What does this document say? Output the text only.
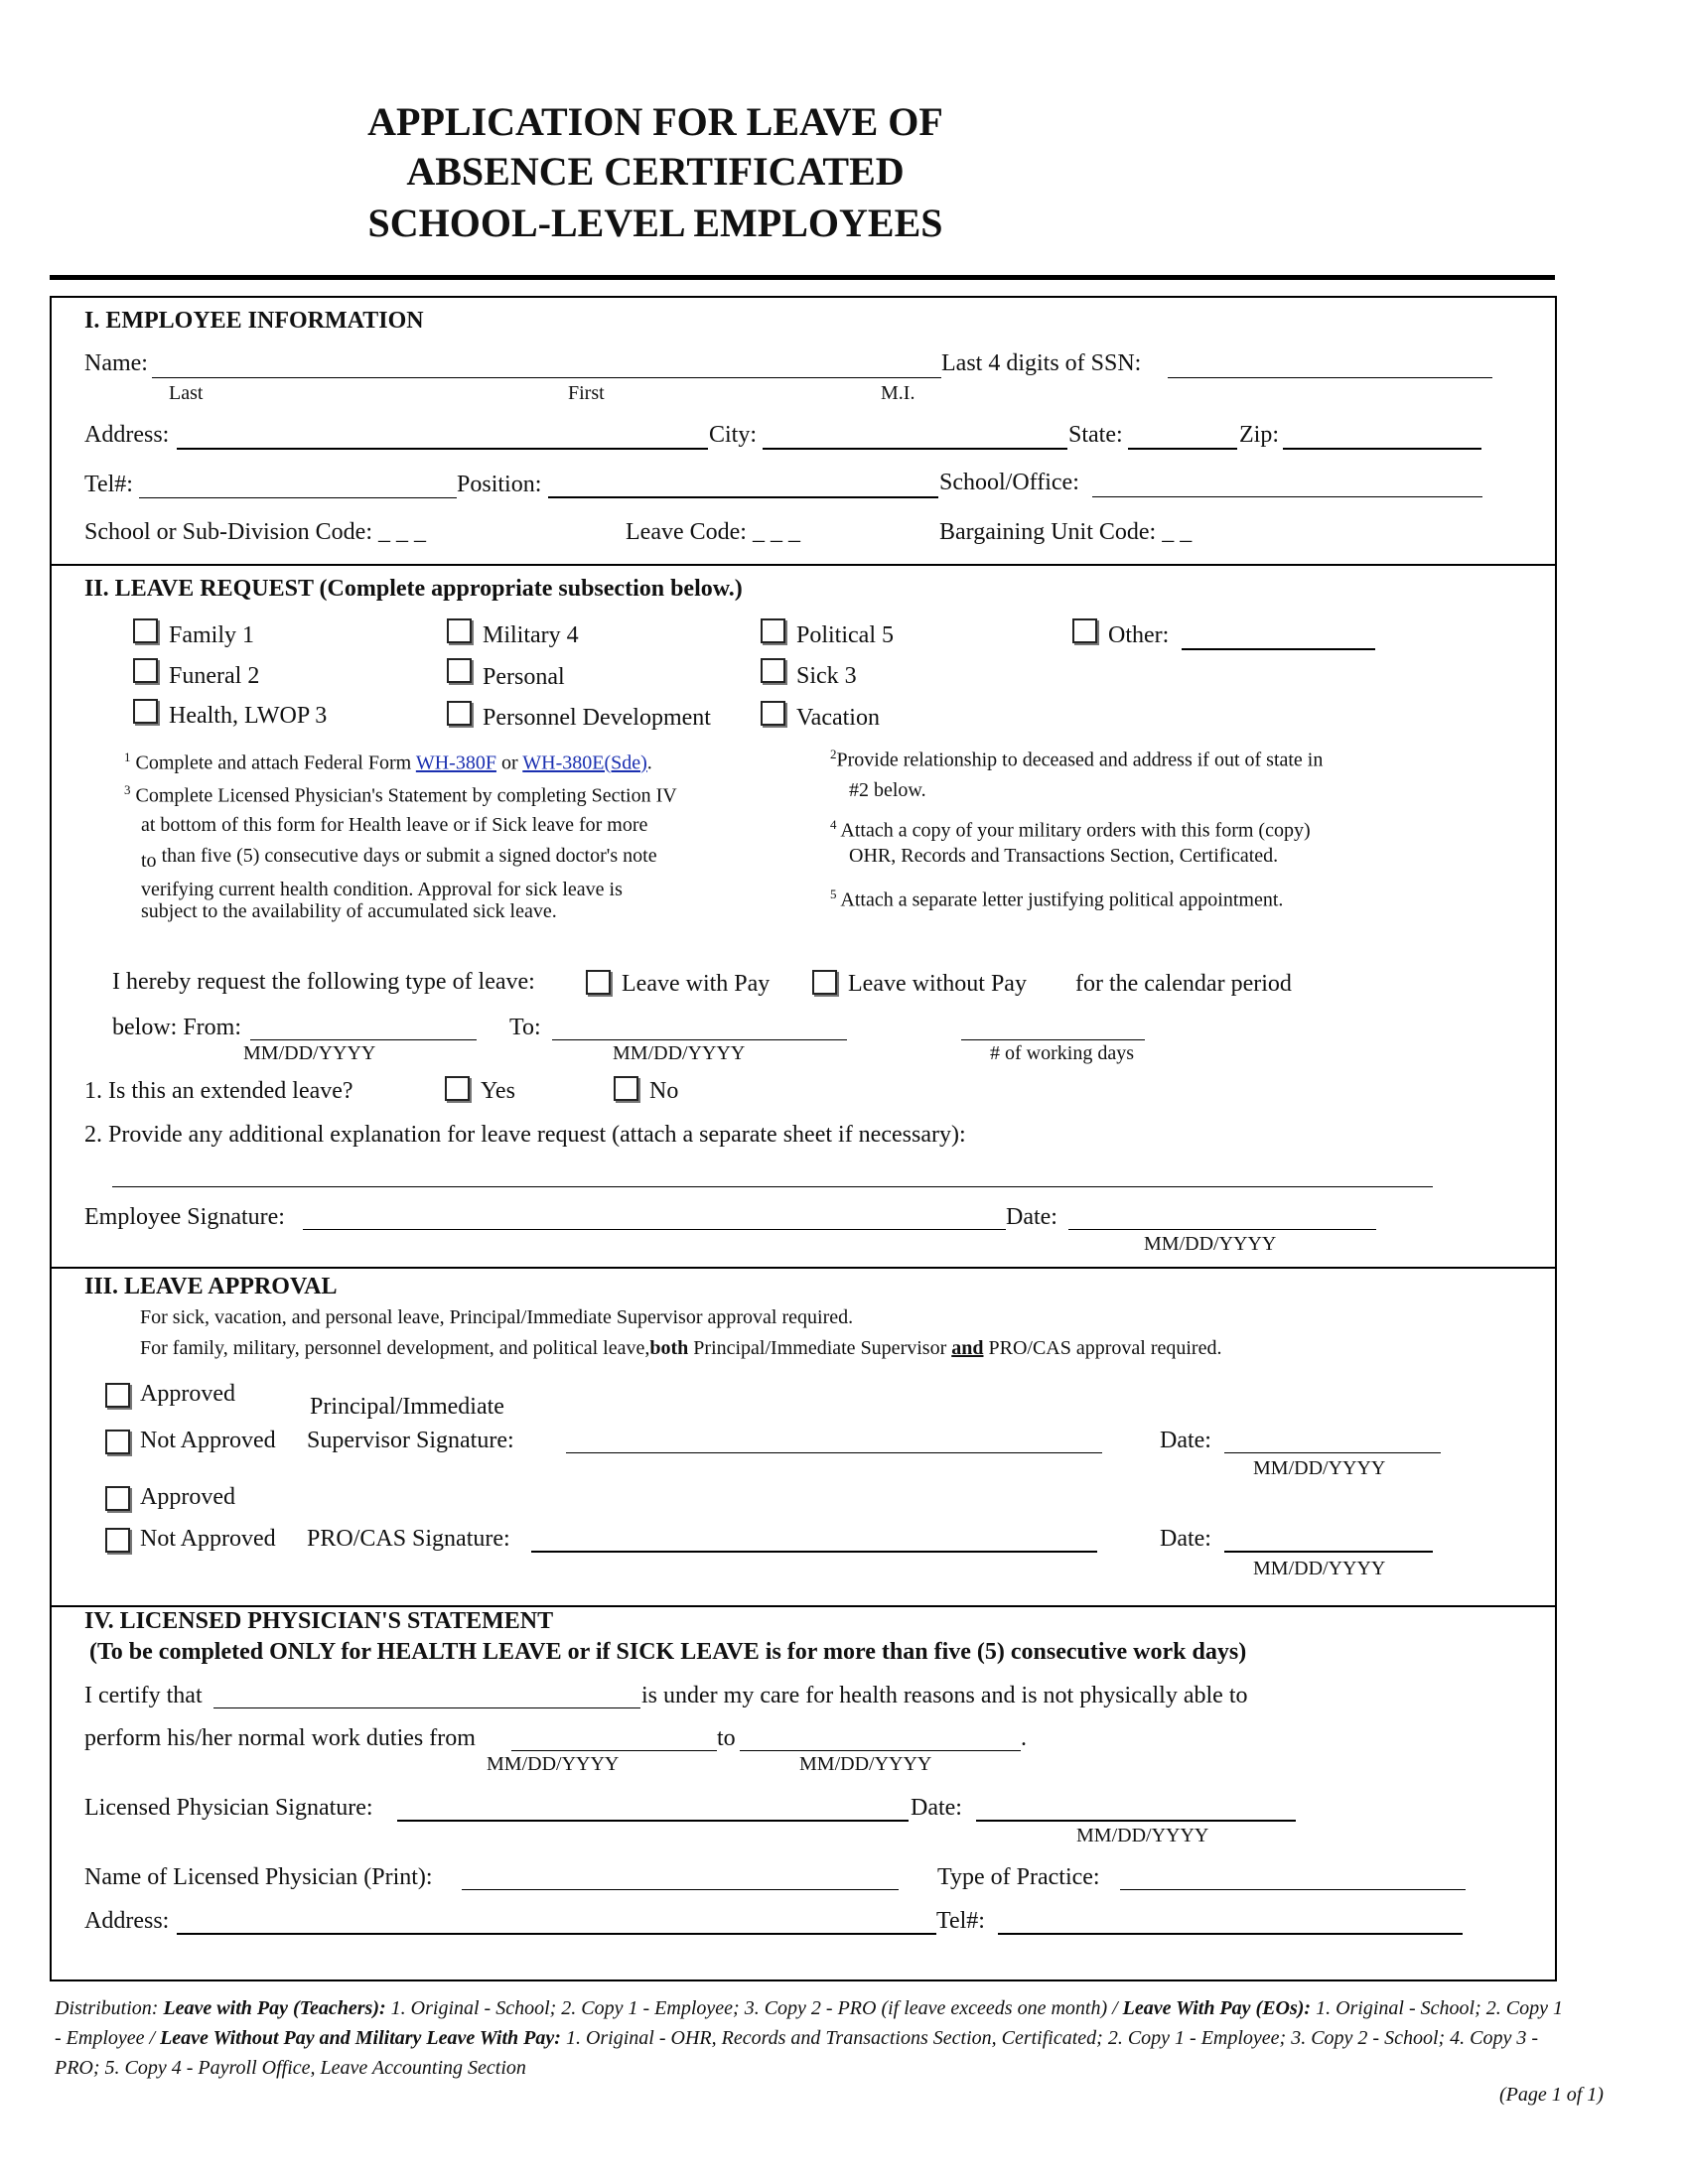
APPLICATION FOR LEAVE OF
ABSENCE CERTIFICATED
SCHOOL-LEVEL EMPLOYEES
I. EMPLOYEE INFORMATION
Name:	Last 4 digits of SSN:
Last	First	M.I.
Address:	City:	State:	Zip:
Tel#:	Position:	School/Office:
School or Sub-Division Code: _ _ _	Leave Code: _ _ _	Bargaining Unit Code: _ _
II. LEAVE REQUEST (Complete appropriate subsection below.)
Family 1
Funeral 2
Health, LWOP 3
Military 4
Personal
Personnel Development
Political 5
Sick 3
Vacation
Other:
$^1$ Complete and attach Federal Form WH-380F or WH-380E(Sde).
$^3$ Complete Licensed Physician's Statement by completing Section IV
at bottom of this form for Health leave or if Sick leave for more
to than five (5) consecutive days or submit a signed doctor's note
verifying current health condition. Approval for sick leave is
subject to the availability of accumulated sick leave.
$^2$Provide relationship to deceased and address if out of state in
#2 below.
$^4$ Attach a copy of your military orders with this form (copy)
OHR, Records and Transactions Section, Certificated.
$^5$ Attach a separate letter justifying political appointment.
I hereby request the following type of leave:	Leave with Pay	Leave without Pay for the calendar period
below: From:	To:
MM/DD/YYYY	MM/DD/YYYY	# of working days
1. Is this an extended leave?	Yes	No
2. Provide any additional explanation for leave request (attach a separate sheet if necessary):
Employee Signature:	Date:
MM/DD/YYYY
III. LEAVE APPROVAL
For sick, vacation, and personal leave, Principal/Immediate Supervisor approval required.
For family, military, personnel development, and political leave,both Principal/Immediate Supervisor and PRO/CAS approval required.
Approved	Principal/Immediate
Not Approved Supervisor Signature:	Date:
MM/DD/YYYY
Approved
Not Approved PRO/CAS Signature:	Date:
MM/DD/YYYY
IV. LICENSED PHYSICIAN'S STATEMENT
(To be completed ONLY for HEALTH LEAVE or if SICK LEAVE is for more than five (5) consecutive work days)
I certify that	is under my care for health reasons and is not physically able to
perform his/her normal work duties from	to	.
MM/DD/YYYY	MM/DD/YYYY
Licensed Physician Signature:	Date:
MM/DD/YYYY
Name of Licensed Physician (Print):	Type of Practice:
Address:	Tel#:
Distribution: Leave with Pay (Teachers): 1. Original - School; 2. Copy 1 - Employee; 3. Copy 2 - PRO (if leave exceeds one month) / Leave With Pay (EOs): 1. Original - School; 2. Copy 1 - Employee / Leave Without Pay and Military Leave With Pay: 1. Original - OHR, Records and Transactions Section, Certificated; 2. Copy 1 - Employee; 3. Copy 2 - School; 4. Copy 3 - PRO; 5. Copy 4 - Payroll Office, Leave Accounting Section
(Page 1 of 1)
